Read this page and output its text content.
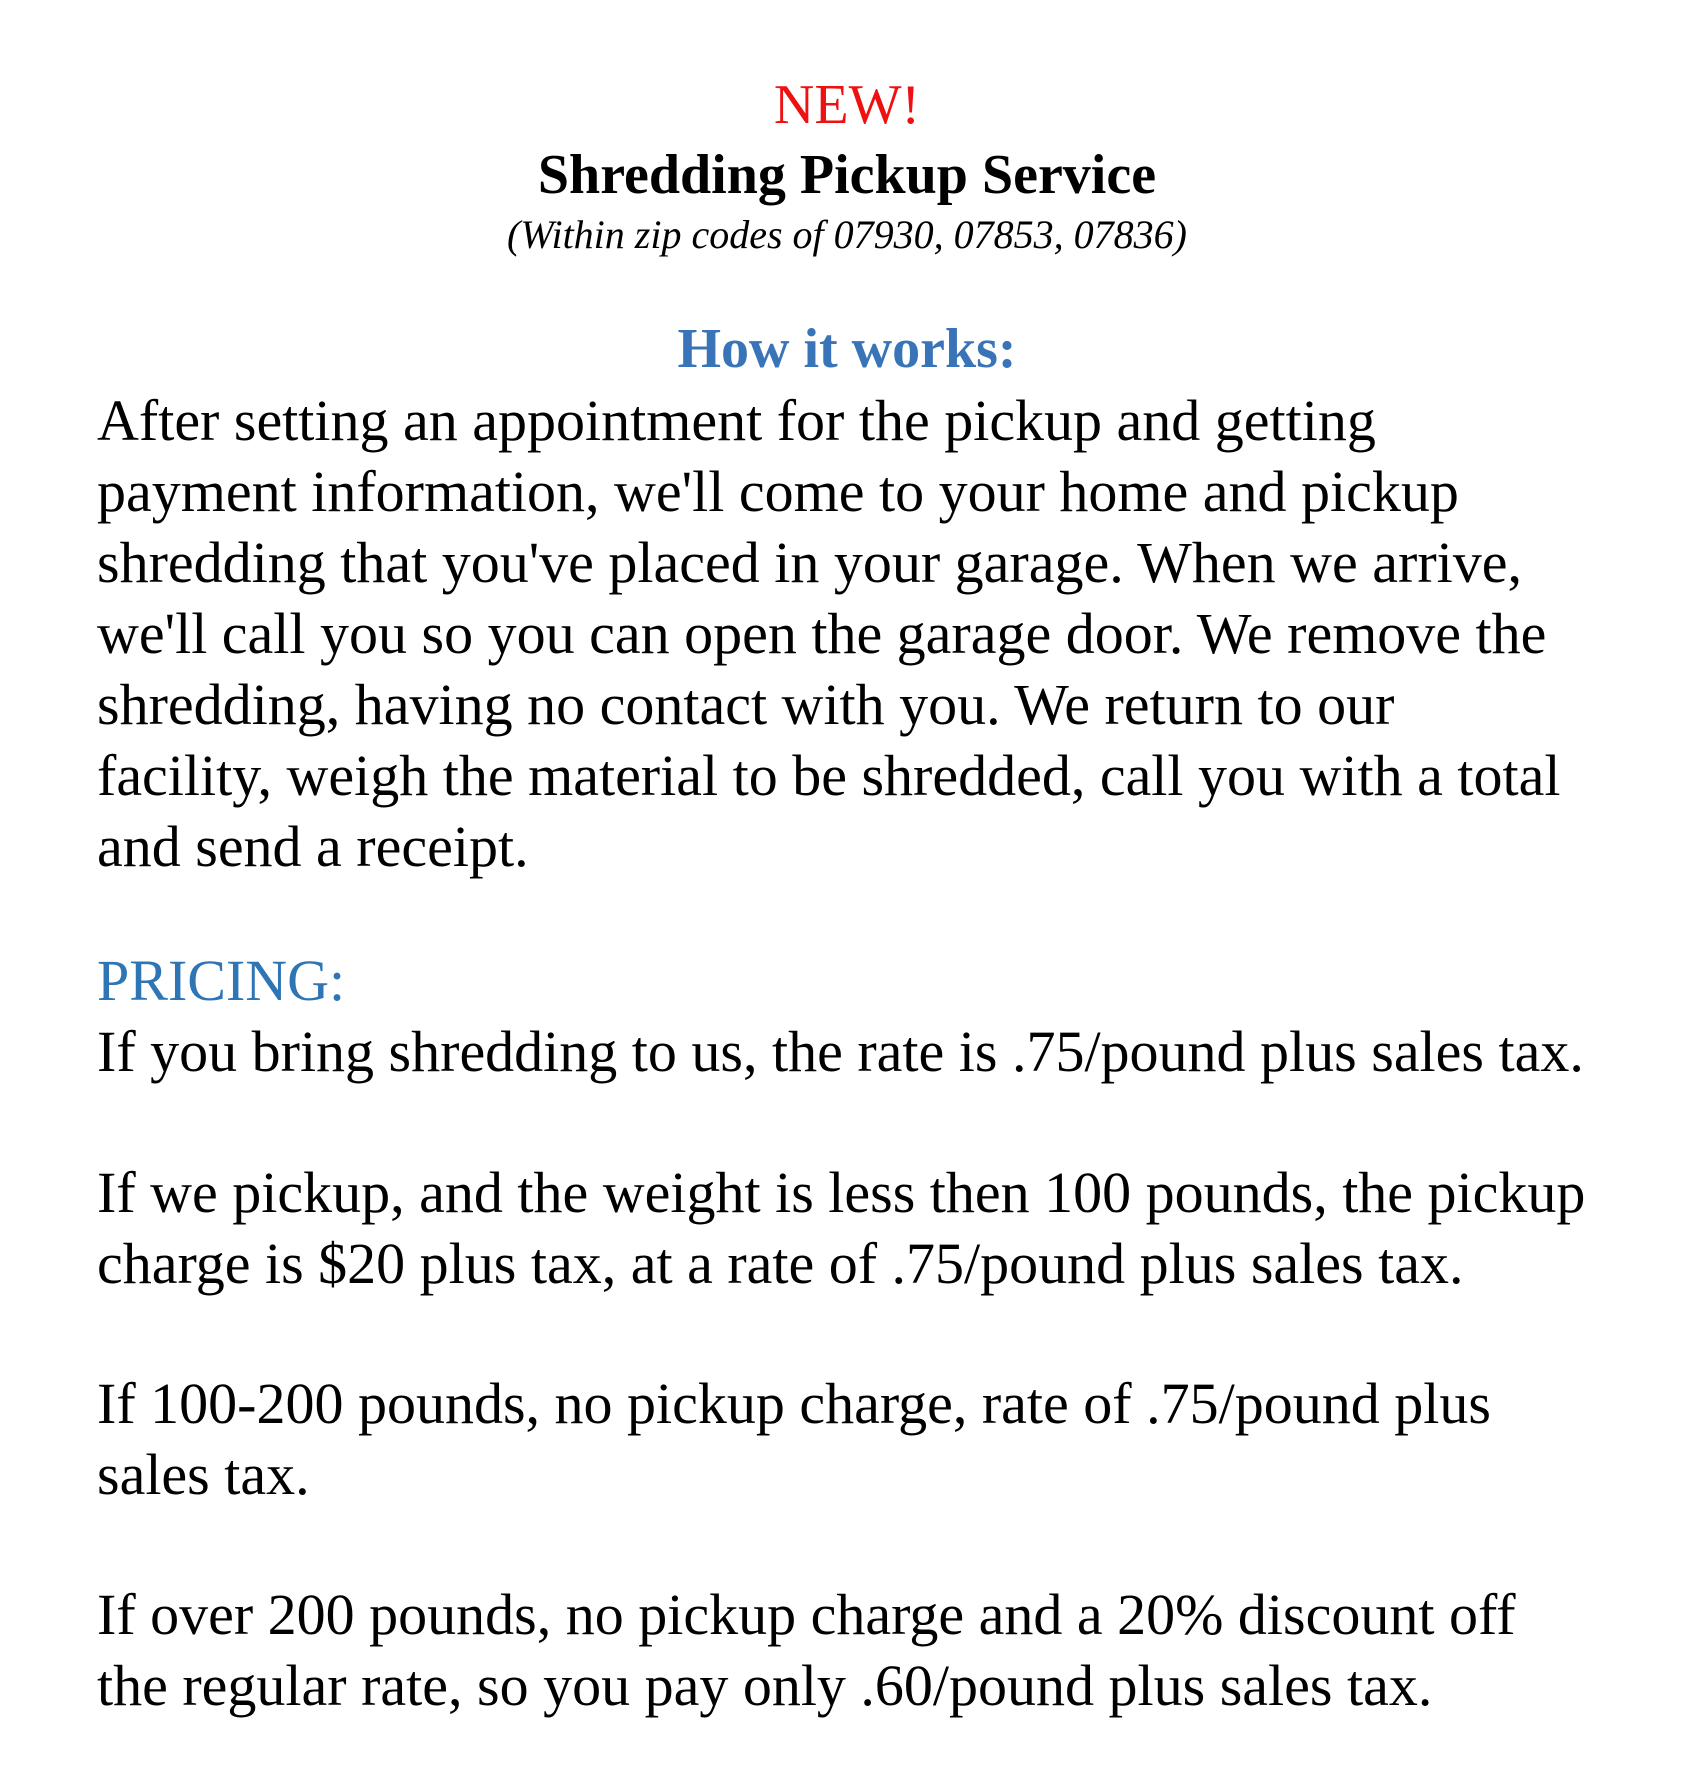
NEW!
Shredding Pickup Service
(Within zip codes of 07930, 07853, 07836)
How it works:
After setting an appointment for the pickup and getting
payment information, we'll come to your home and pickup
shredding that you've placed in your garage. When we arrive,
we'll call you so you can open the garage door. We remove the
shredding, having no contact with you. We return to our
facility, weigh the material to be shredded, call you with a total
and send a receipt.
PRICING:
If you bring shredding to us, the rate is .75/pound plus sales tax.
If we pickup, and the weight is less then 100 pounds, the pickup
charge is $20 plus tax, at a rate of .75/pound plus sales tax.
If 100-200 pounds, no pickup charge, rate of .75/pound plus
sales tax.
If over 200 pounds, no pickup charge and a 20% discount off
the regular rate, so you pay only .60/pound plus sales tax.
